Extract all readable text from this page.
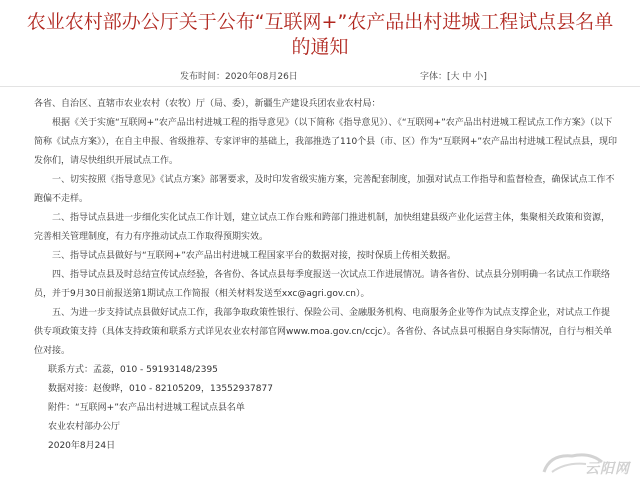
农业农村部办公厅关于公布“互联网+”农产品出村进城工程试点县名单的通知
发布时间：2020年08月26日	字体：[大 中 小]

各省、自治区、直辖市农业农村（农牧）厅（局、委），新疆生产建设兵团农业农村局：

根据《关于实施“互联网+”农产品出村进城工程的指导意见》（以下简称《指导意见》）、《“互联网+”农产品出村进城工程试点工作方案》（以下简称《试点方案》），在自主申报、省级推荐、专家评审的基础上，我部推选了110个县（市、区）作为“互联网+”农产品出村进城工程试点县，现印发你们，请尽快组织开展试点工作。

一、切实按照《指导意见》《试点方案》部署要求，及时印发省级实施方案，完善配套制度，加强对试点工作指导和监督检查，确保试点工作不跑偏不走样。

二、指导试点县进一步细化实化试点工作计划，建立试点工作台账和跨部门推进机制，加快组建县级产业化运营主体，集聚相关政策和资源，完善相关管理制度，有力有序推动试点工作取得预期实效。

三、指导试点县做好与“互联网+”农产品出村进城工程国家平台的数据对接，按时保质上传相关数据。

四、指导试点县及时总结宣传试点经验，各省份、各试点县每季度报送一次试点工作进展情况。请各省份、试点县分别明确一名试点工作联络员，并于9月30日前报送第1期试点工作简报（相关材料发送至xxc@agri.gov.cn）。

五、为进一步支持试点县做好试点工作，我部争取政策性银行、保险公司、金融服务机构、电商服务企业等作为试点支撑企业，对试点工作提供专项政策支持（具体支持政策和联系方式详见农业农村部官网www.moa.gov.cn/ccjc）。各省份、各试点县可根据自身实际情况，自行与相关单位对接。

联系方式：孟蕊，010 - 59193148/2395

数据对接：赵俊晔，010 - 82105209，13552937877

附件：“互联网+”农产品出村进城工程试点县名单

农业农村部办公厅

2020年8月24日

云阳网
